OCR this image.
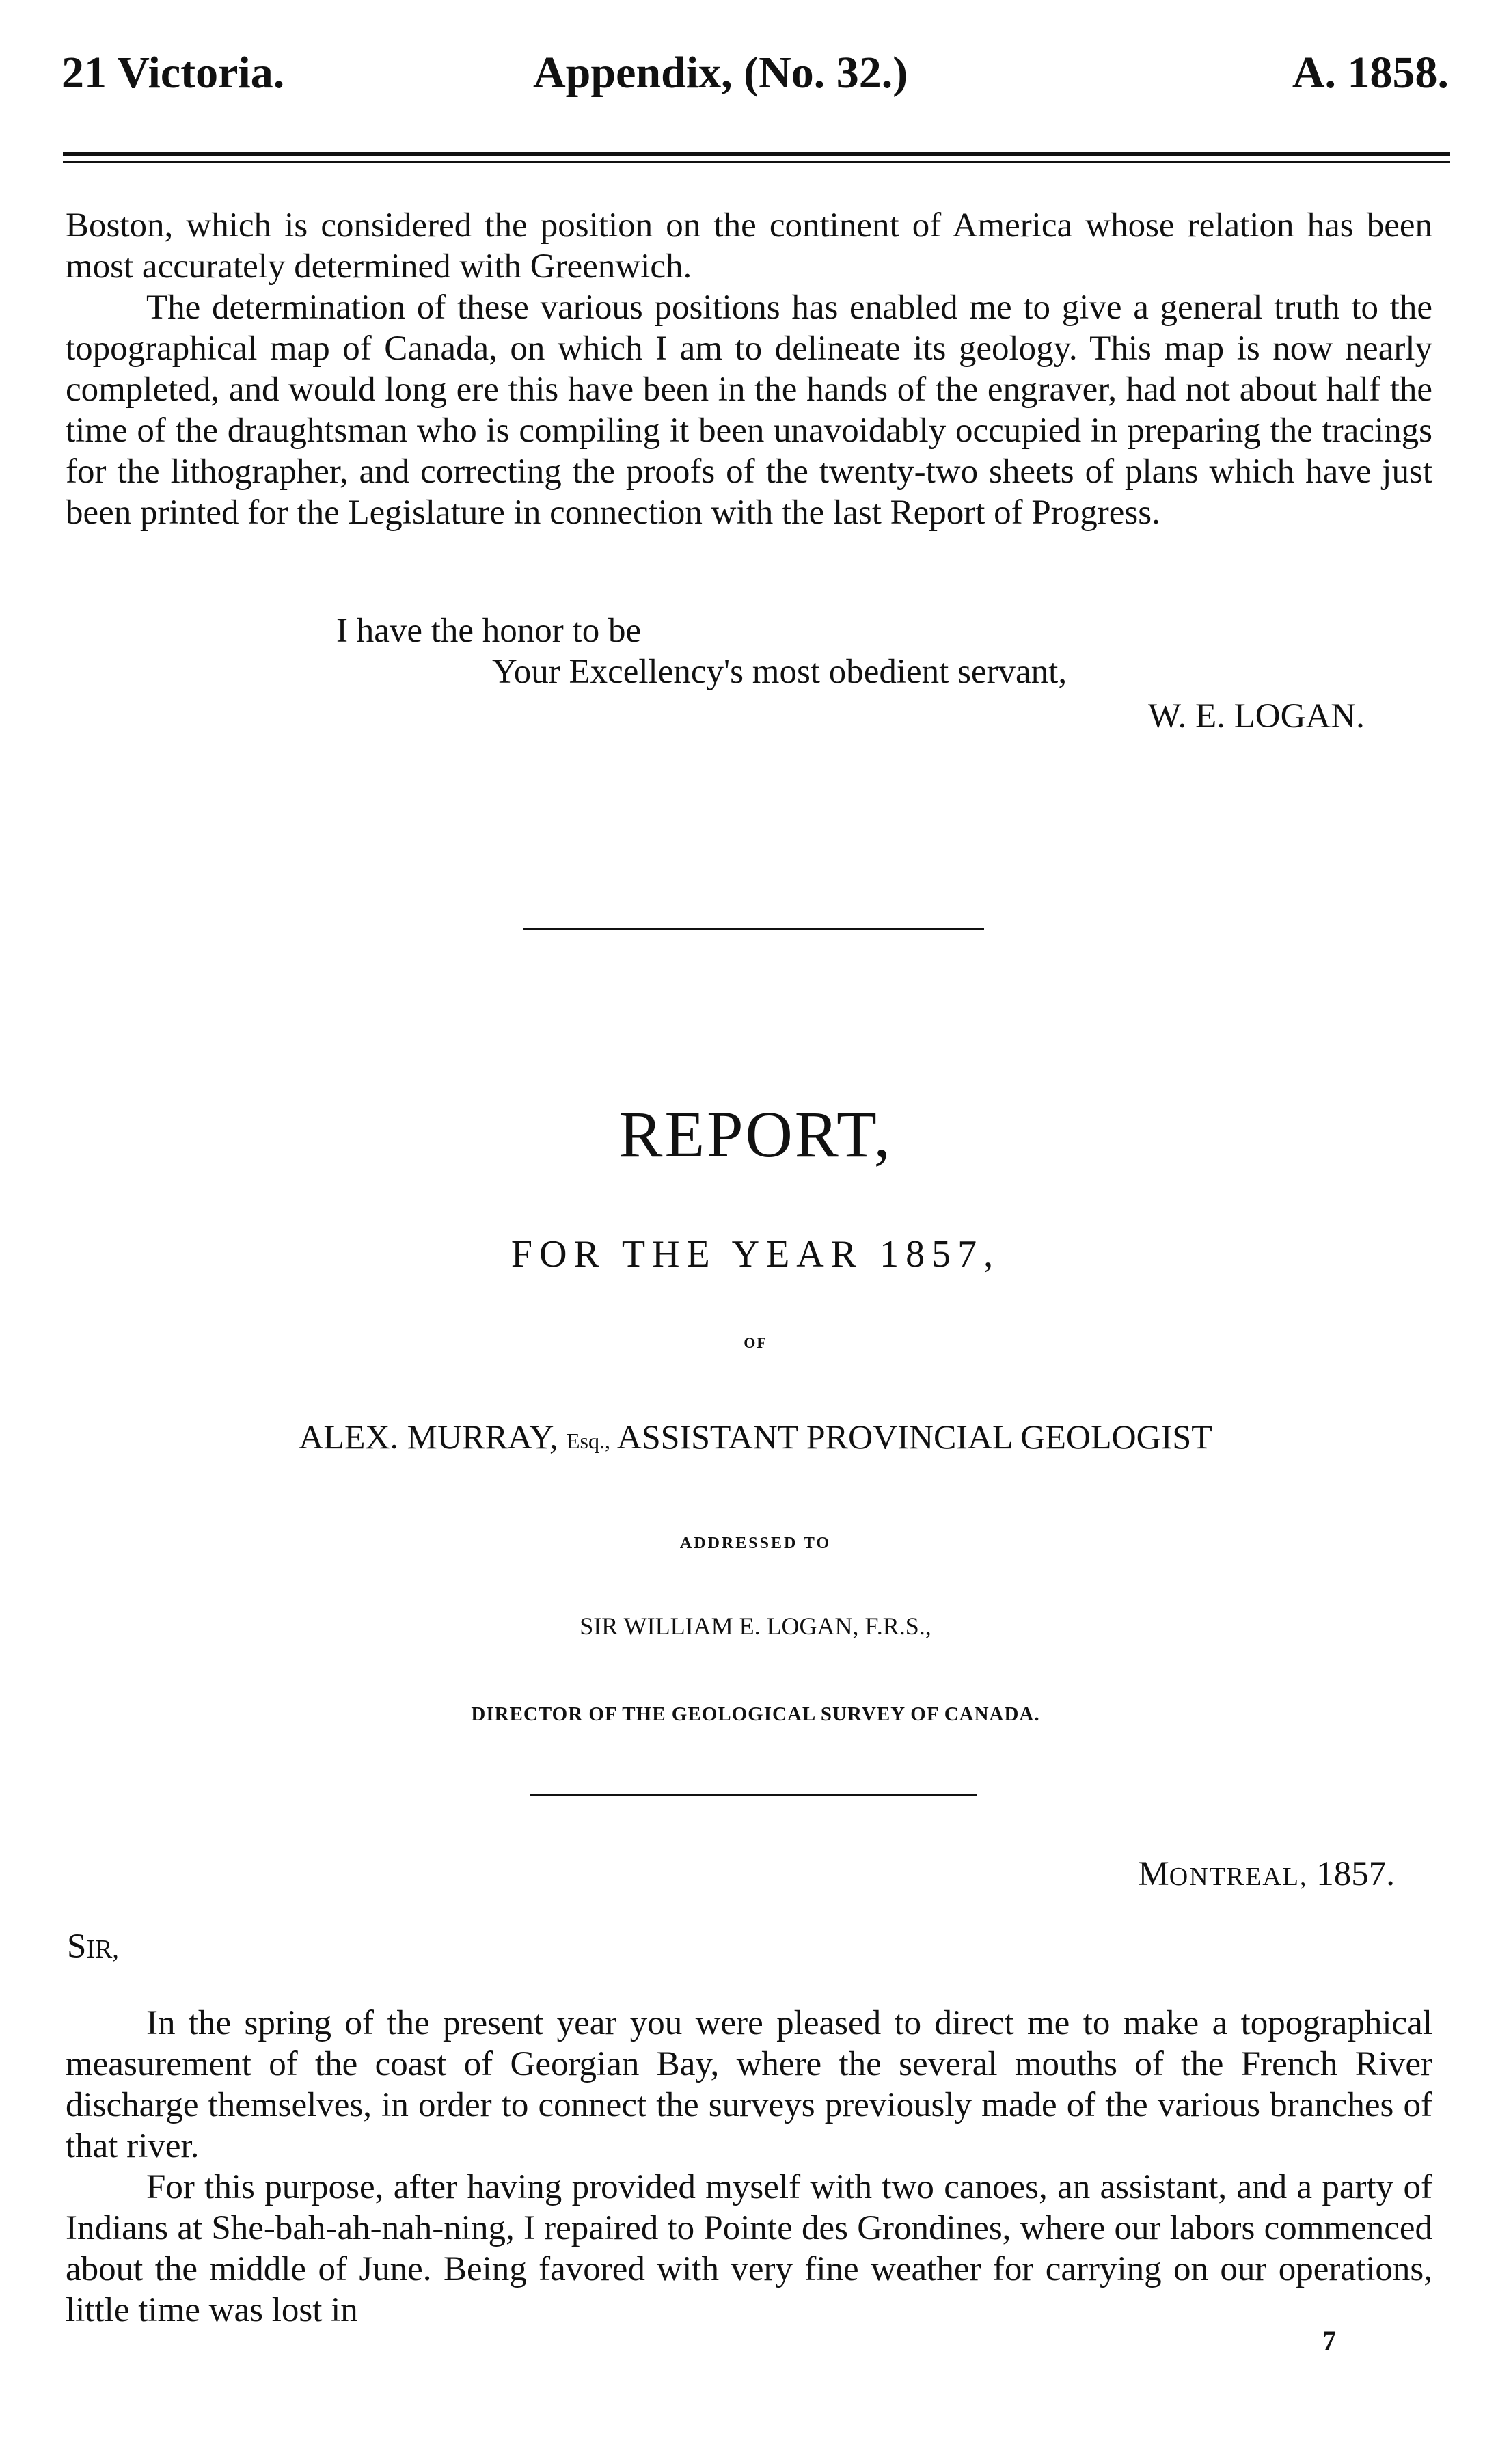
21 Victoria.	Appendix, (No. 32.)	A. 1858.

Boston, which is considered the position on the continent of America whose relation has been most accurately determined with Greenwich.

The determination of these various positions has enabled me to give a general truth to the topographical map of Canada, on which I am to delineate its geology. This map is now nearly completed, and would long ere this have been in the hands of the engraver, had not about half the time of the draughtsman who is compiling it been unavoidably occupied in preparing the tracings for the lithographer, and correcting the proofs of the twenty-two sheets of plans which have just been printed for the Legislature in connection with the last Report of Progress.

I have the honor to be
Your Excellency's most obedient servant,
W. E. LOGAN.
REPORT,
FOR THE YEAR 1857,
OF
ALEX. MURRAY, Esq., ASSISTANT PROVINCIAL GEOLOGIST
ADDRESSED TO
SIR WILLIAM E. LOGAN, F.R.S.,
DIRECTOR OF THE GEOLOGICAL SURVEY OF CANADA.
MONTREAL, 1857.
SIR,

In the spring of the present year you were pleased to direct me to make a topographical measurement of the coast of Georgian Bay, where the several mouths of the French River discharge themselves, in order to connect the surveys previously made of the various branches of that river.

For this purpose, after having provided myself with two canoes, an assistant, and a party of Indians at She-bah-ah-nah-ning, I repaired to Pointe des Grondines, where our labors commenced about the middle of June. Being favored with very fine weather for carrying on our operations, little time was lost in

7
